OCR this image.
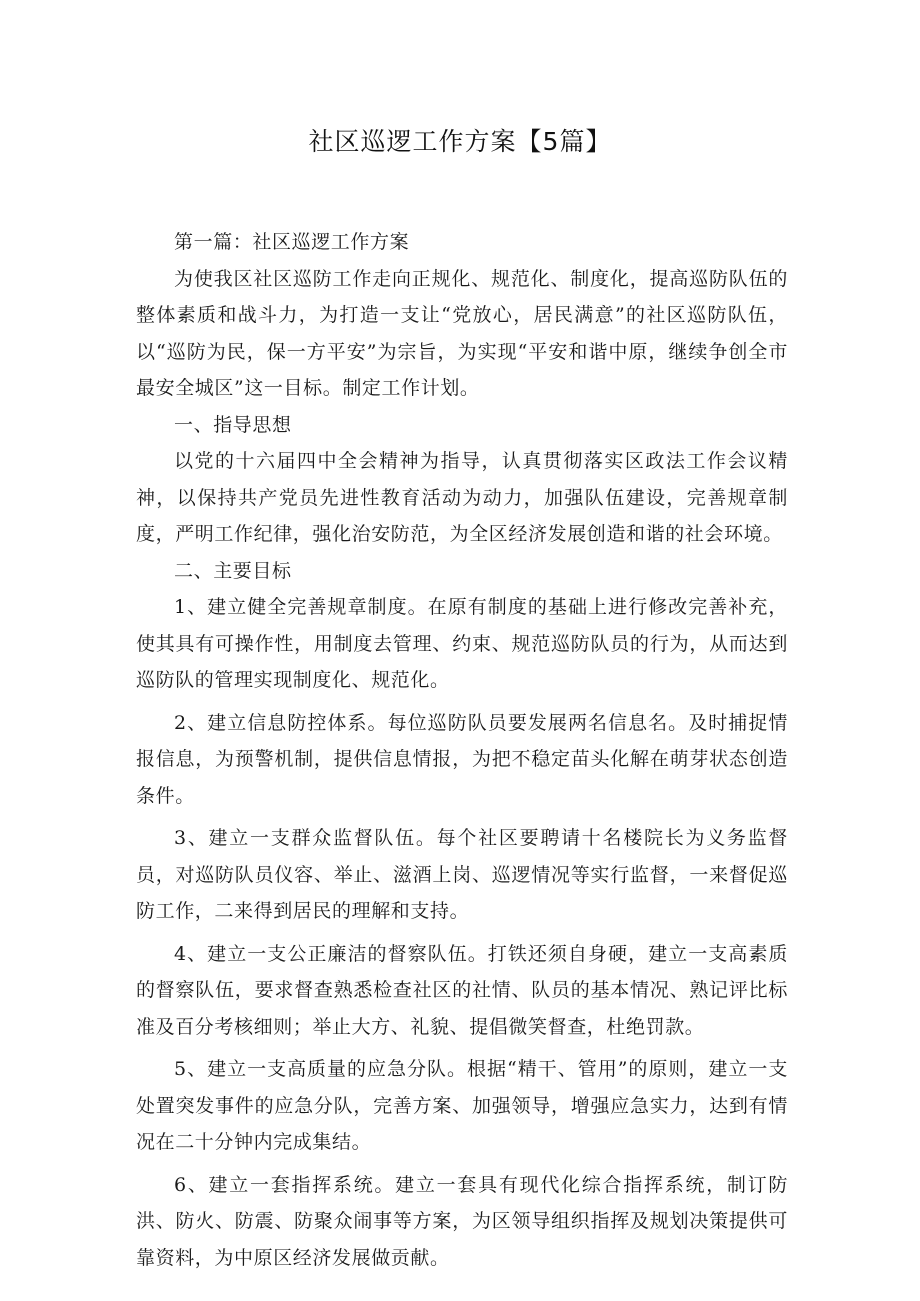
社区巡逻工作方案【5篇】

第一篇：社区巡逻工作方案

为使我区社区巡防工作走向正规化、规范化、制度化，提高巡防队伍的整体素质和战斗力，为打造一支让“党放心，居民满意”的社区巡防队伍，以“巡防为民，保一方平安”为宗旨，为实现“平安和谐中原，继续争创全市最安全城区”这一目标。制定工作计划。

一、指导思想

以党的十六届四中全会精神为指导，认真贯彻落实区政法工作会议精神，以保持共产党员先进性教育活动为动力，加强队伍建设，完善规章制度，严明工作纪律，强化治安防范，为全区经济发展创造和谐的社会环境。

二、主要目标

1、建立健全完善规章制度。在原有制度的基础上进行修改完善补充，使其具有可操作性，用制度去管理、约束、规范巡防队员的行为，从而达到巡防队的管理实现制度化、规范化。

2、建立信息防控体系。每位巡防队员要发展两名信息名。及时捕捉情报信息，为预警机制，提供信息情报，为把不稳定苗头化解在萌芽状态创造条件。

3、建立一支群众监督队伍。每个社区要聘请十名楼院长为义务监督员，对巡防队员仪容、举止、滋酒上岗、巡逻情况等实行监督，一来督促巡防工作，二来得到居民的理解和支持。

4、建立一支公正廉洁的督察队伍。打铁还须自身硬，建立一支高素质的督察队伍，要求督查熟悉检查社区的社情、队员的基本情况、熟记评比标准及百分考核细则；举止大方、礼貌、提倡微笑督查，杜绝罚款。

5、建立一支高质量的应急分队。根据“精干、管用”的原则，建立一支处置突发事件的应急分队，完善方案、加强领导，增强应急实力，达到有情况在二十分钟内完成集结。

6、建立一套指挥系统。建立一套具有现代化综合指挥系统，制订防洪、防火、防震、防聚众闹事等方案，为区领导组织指挥及规划决策提供可靠资料，为中原区经济发展做贡献。
